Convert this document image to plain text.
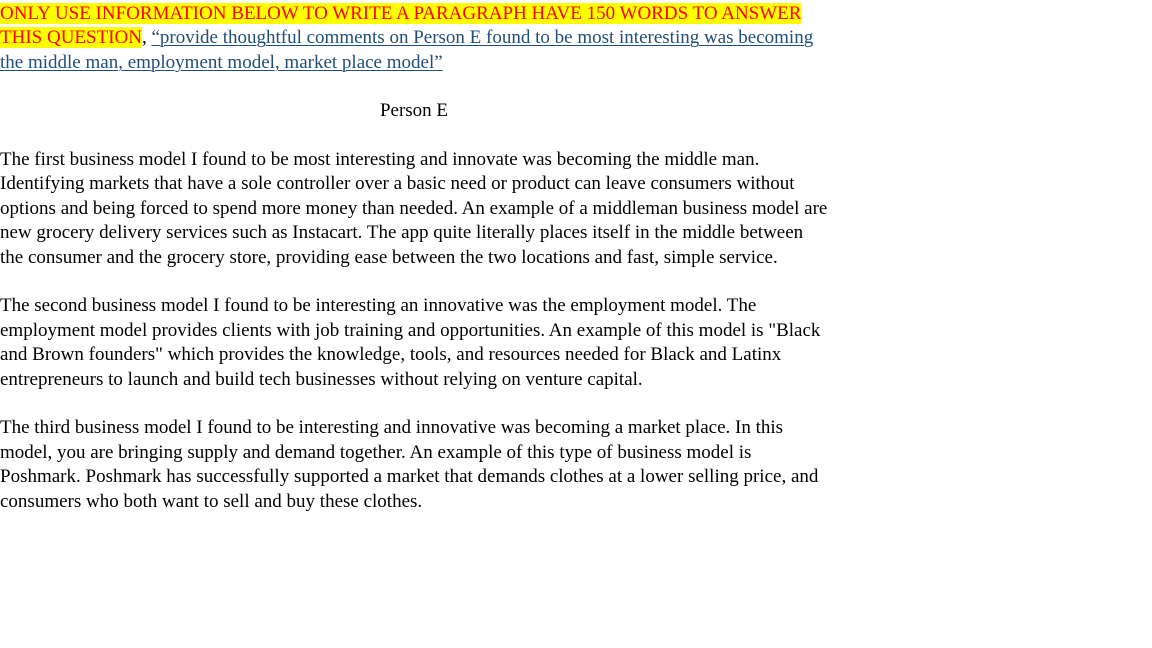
ONLY USE INFORMATION BELOW TO WRITE A PARAGRAPH HAVE 150 WORDS TO ANSWER THIS QUESTION, “provide thoughtful comments on Person E found to be most interesting was becoming the middle man, employment model, market place model”

Person E

The first business model I found to be most interesting and innovate was becoming the middle man. Identifying markets that have a sole controller over a basic need or product can leave consumers without options and being forced to spend more money than needed. An example of a middleman business model are new grocery delivery services such as Instacart. The app quite literally places itself in the middle between the consumer and the grocery store, providing ease between the two locations and fast, simple service.

The second business model I found to be interesting an innovative was the employment model. The employment model provides clients with job training and opportunities. An example of this model is "Black and Brown founders" which provides the knowledge, tools, and resources needed for Black and Latinx entrepreneurs to launch and build tech businesses without relying on venture capital.

The third business model I found to be interesting and innovative was becoming a market place. In this model, you are bringing supply and demand together. An example of this type of business model is Poshmark. Poshmark has successfully supported a market that demands clothes at a lower selling price, and consumers who both want to sell and buy these clothes.
